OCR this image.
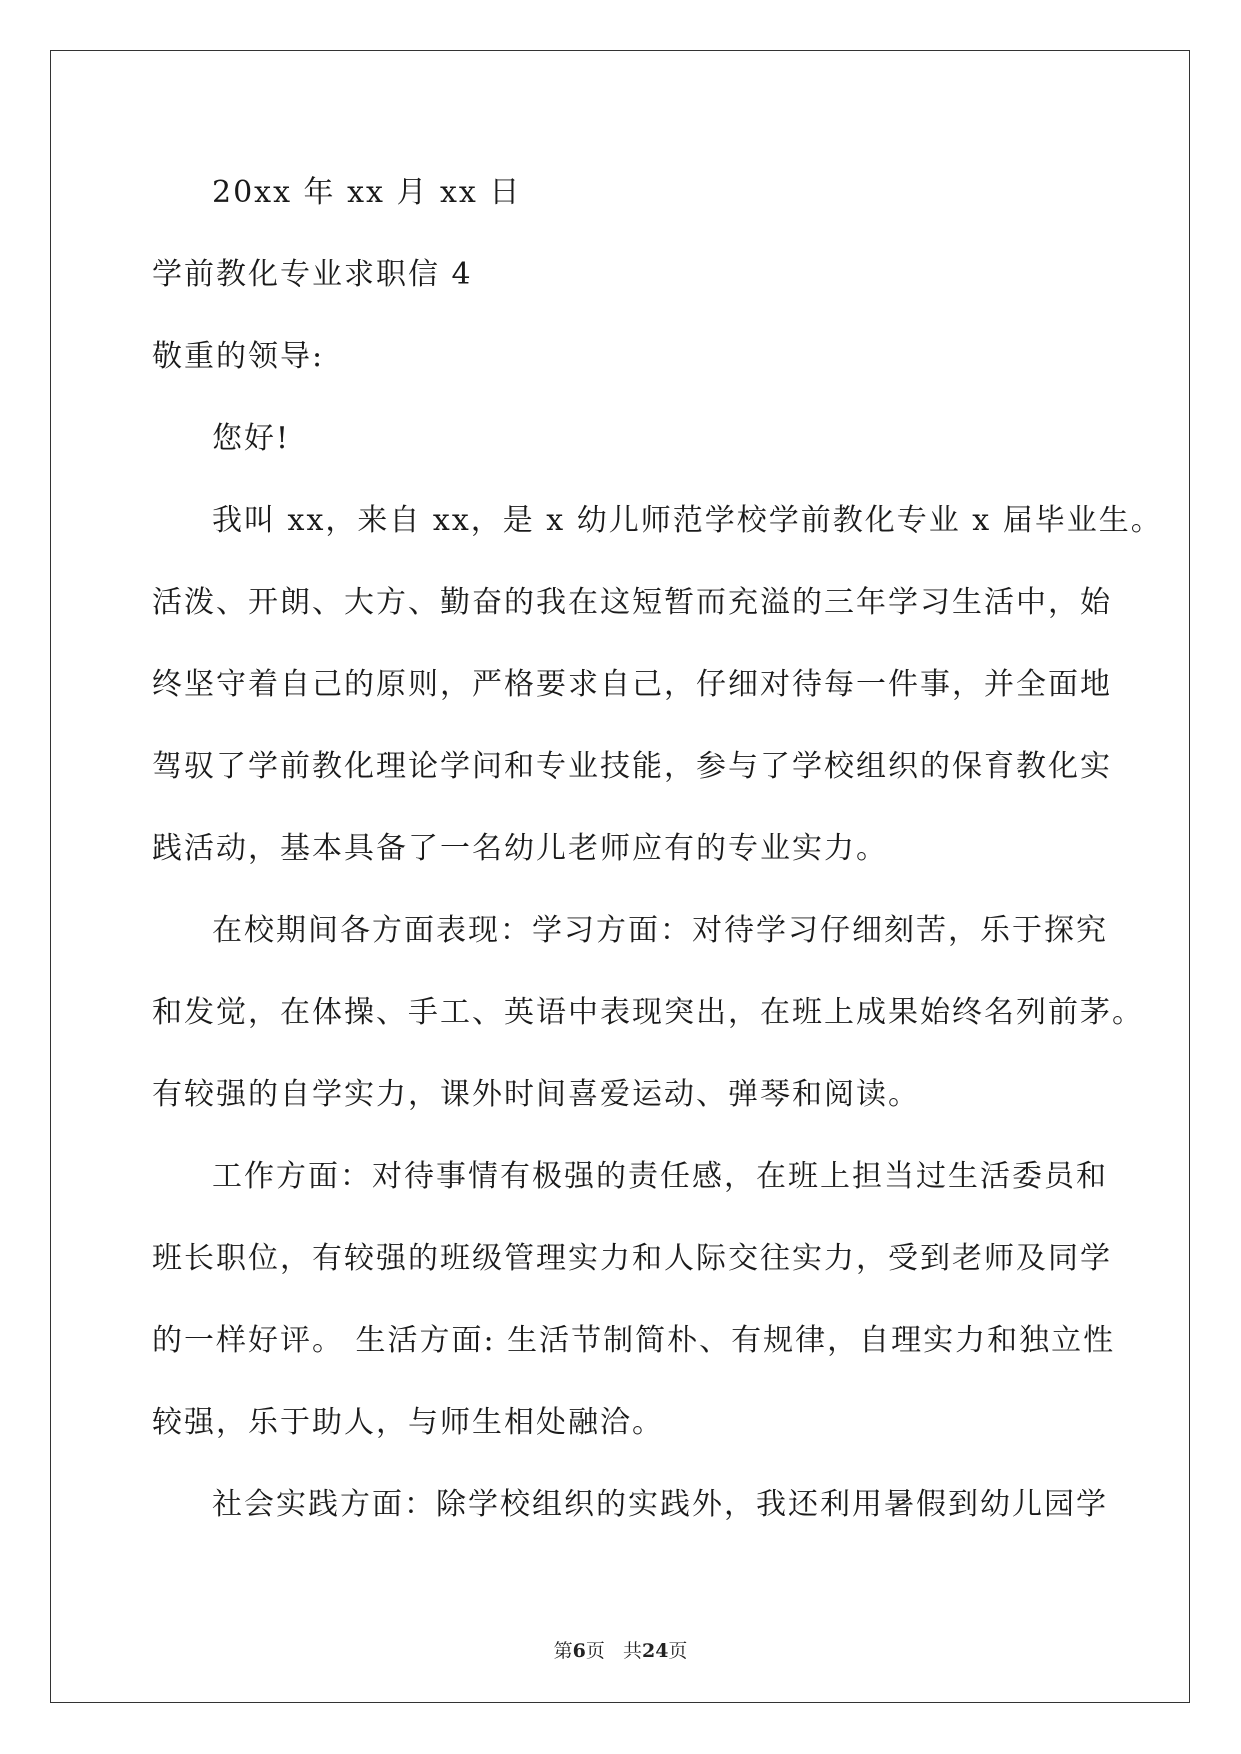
20xx 年 xx 月 xx 日
学前教化专业求职信 4
敬重的领导:
您好!
我叫 xx，来自 xx，是 x 幼儿师范学校学前教化专业 x 届毕业生。
活泼、开朗、大方、勤奋的我在这短暂而充溢的三年学习生活中，始
终坚守着自己的原则，严格要求自己，仔细对待每一件事，并全面地
驾驭了学前教化理论学问和专业技能，参与了学校组织的保育教化实
践活动，基本具备了一名幼儿老师应有的专业实力。
在校期间各方面表现：学习方面：对待学习仔细刻苦，乐于探究
和发觉，在体操、手工、英语中表现突出，在班上成果始终名列前茅。
有较强的自学实力，课外时间喜爱运动、弹琴和阅读。
工作方面：对待事情有极强的责任感，在班上担当过生活委员和
班长职位，有较强的班级管理实力和人际交往实力，受到老师及同学
的一样好评。 生活方面: 生活节制简朴、有规律，自理实力和独立性
较强，乐于助人，与师生相处融洽。
社会实践方面：除学校组织的实践外，我还利用暑假到幼儿园学
第6页 共24页
